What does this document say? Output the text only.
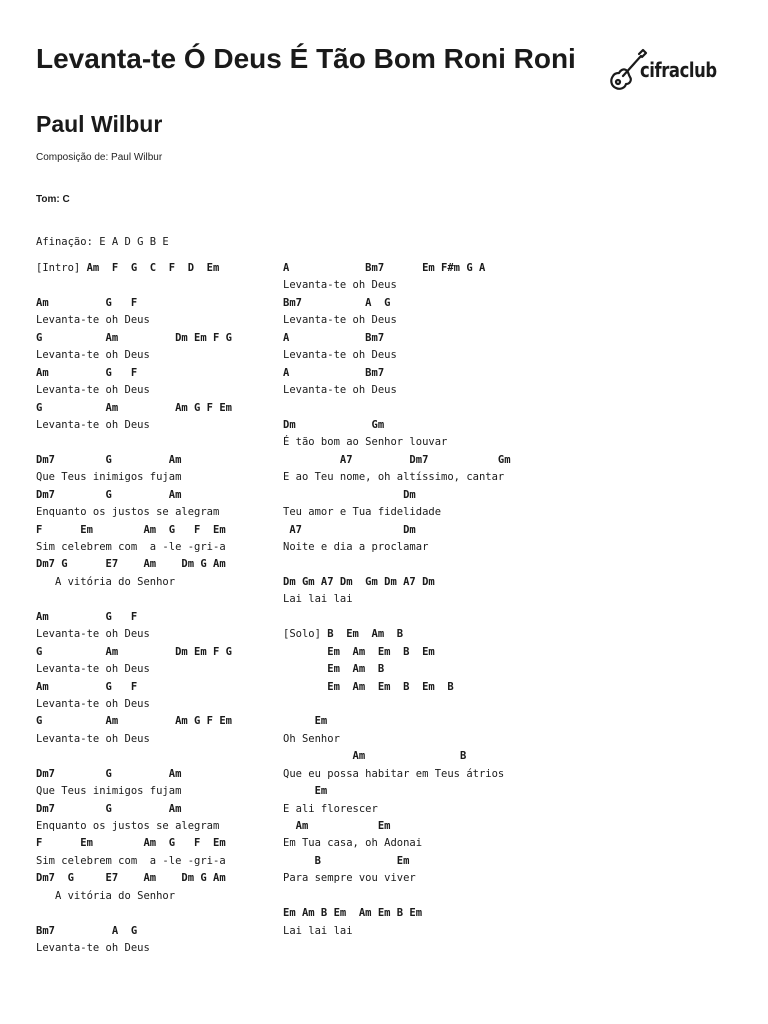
Levanta-te Ó Deus É Tão Bom Roni Roni
Paul Wilbur
Composição de: Paul Wilbur
Tom: C
cifraclub
Afinação: E A D G B E
[Intro] Am  F  G  C  F  D  Em
Am         G   F
Levanta-te oh Deus
G          Am         Dm Em F G
Levanta-te oh Deus
Am         G   F
Levanta-te oh Deus
G          Am         Am G F Em
Levanta-te oh Deus
Dm7        G         Am
Que Teus inimigos fujam
Dm7        G         Am
Enquanto os justos se alegram
F      Em        Am  G   F  Em
Sim celebrem com  a -le -gri-a
Dm7 G      E7    Am    Dm G Am
A vitória do Senhor
Am         G   F
Levanta-te oh Deus
G          Am         Dm Em F G
Levanta-te oh Deus
Am         G   F
Levanta-te oh Deus
G          Am         Am G F Em
Levanta-te oh Deus
Dm7        G         Am
Que Teus inimigos fujam
Dm7        G         Am
Enquanto os justos se alegram
F      Em        Am  G   F  Em
Sim celebrem com  a -le -gri-a
Dm7  G     E7    Am    Dm G Am
A vitória do Senhor
Bm7         A  G
Levanta-te oh Deus
A            Bm7      Em F#m G A
Levanta-te oh Deus
Bm7          A  G
Levanta-te oh Deus
A            Bm7
Levanta-te oh Deus
A            Bm7
Levanta-te oh Deus
Dm            Gm
É tão bom ao Senhor louvar
A7         Dm7           Gm
E ao Teu nome, oh altíssimo, cantar
Dm
Teu amor e Tua fidelidade
A7                Dm
Noite e dia a proclamar
Dm Gm A7 Dm  Gm Dm A7 Dm
Lai lai lai
[Solo] B  Em  Am  B
Em  Am  Em  B  Em
Em  Am  B
Em  Am  Em  B  Em  B
Em
Oh Senhor
Am               B
Que eu possa habitar em Teus átrios
Em
E ali florescer
Am           Em
Em Tua casa, oh Adonai
B            Em
Para sempre vou viver
Em Am B Em  Am Em B Em
Lai lai lai
